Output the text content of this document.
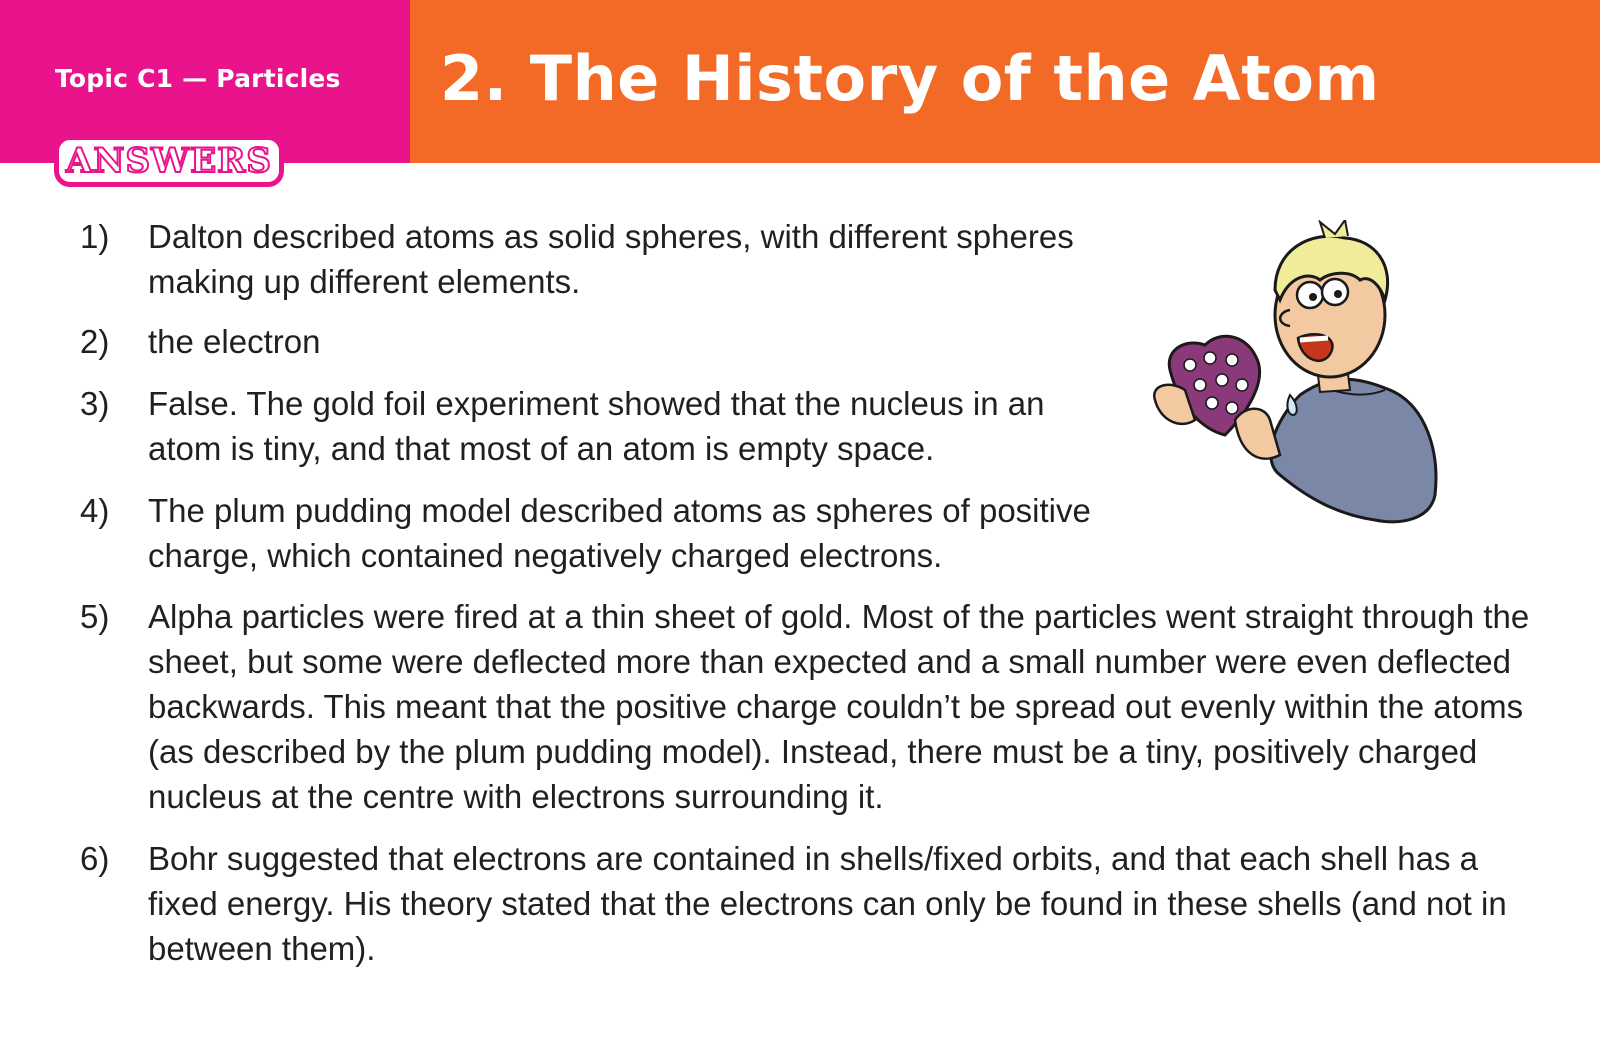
Topic C1 — Particles 2. The History of the Atom
ANSWERS
1) Dalton described atoms as solid spheres, with different spheres making up different elements.
2) the electron
3) False. The gold foil experiment showed that the nucleus in an atom is tiny, and that most of an atom is empty space.
4) The plum pudding model described atoms as spheres of positive charge, which contained negatively charged electrons.
5) Alpha particles were fired at a thin sheet of gold. Most of the particles went straight through the sheet, but some were deflected more than expected and a small number were even deflected backwards. This meant that the positive charge couldn’t be spread out evenly within the atoms (as described by the plum pudding model). Instead, there must be a tiny, positively charged nucleus at the centre with electrons surrounding it.
6) Bohr suggested that electrons are contained in shells/fixed orbits, and that each shell has a fixed energy. His theory stated that the electrons can only be found in these shells (and not in between them).
